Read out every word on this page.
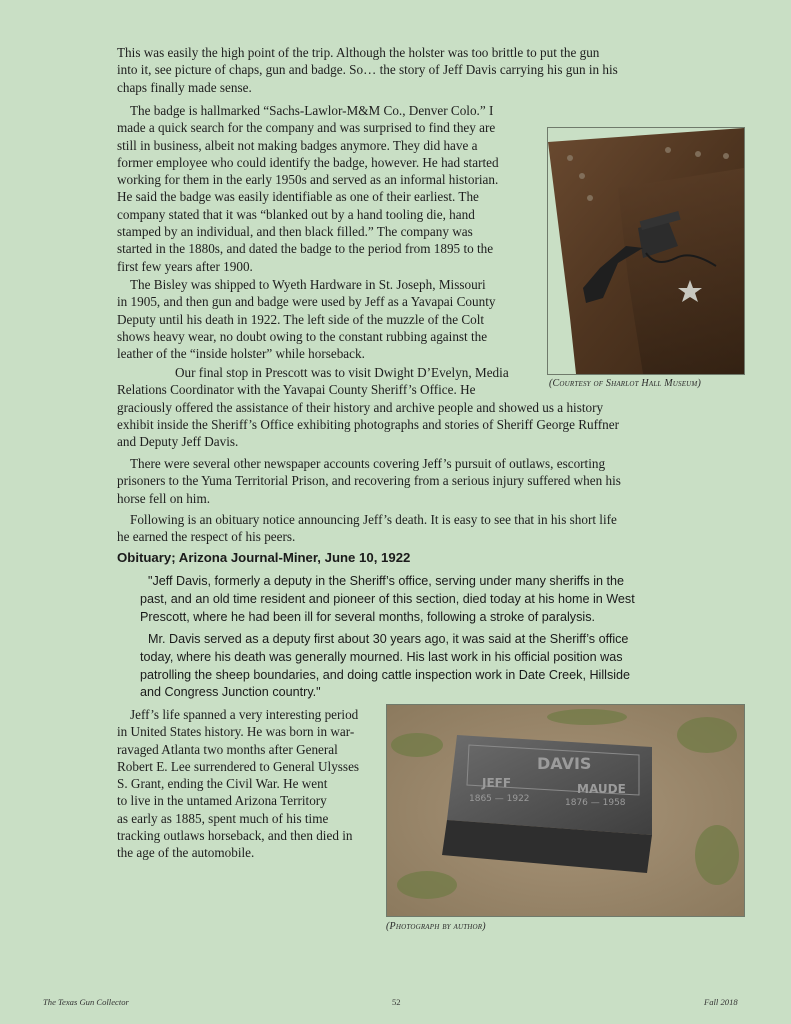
This was easily the high point of the trip. Although the holster was too brittle to put the gun
into it, see picture of chaps, gun and badge. So… the story of Jeff Davis carrying his gun in his
chaps finally made sense.
The badge is hallmarked “Sachs-Lawlor-M&M Co., Denver Colo.” I
made a quick search for the company and was surprised to find they are
still in business, albeit not making badges anymore. They did have a
former employee who could identify the badge, however. He had started
working for them in the early 1950s and served as an informal historian.
He said the badge was easily identifiable as one of their earliest. The
company stated that it was “blanked out by a hand tooling die, hand
stamped by an individual, and then black filled.” The company was
started in the 1880s, and dated the badge to the period from 1895 to the
first few years after 1900.
The Bisley was shipped to Wyeth Hardware in St. Joseph, Missouri
in 1905, and then gun and badge were used by Jeff as a Yavapai County
Deputy until his death in 1922. The left side of the muzzle of the Colt
shows heavy wear, no doubt owing to the constant rubbing against the
leather of the “inside holster” while horseback.
Our final stop in Prescott was to visit Dwight D’Evelyn, Media
Relations Coordinator with the Yavapai County Sheriff’s Office. He
graciously offered the assistance of their history and archive people and showed us a history
exhibit inside the Sheriff’s Office exhibiting photographs and stories of Sheriff George Ruffner
and Deputy Jeff Davis.
There were several other newspaper accounts covering Jeff’s pursuit of outlaws, escorting
prisoners to the Yuma Territorial Prison, and recovering from a serious injury suffered when his
horse fell on him.
Following is an obituary notice announcing Jeff’s death. It is easy to see that in his short life
he earned the respect of his peers.
Obituary; Arizona Journal-Miner, June 10, 1922
"Jeff Davis, formerly a deputy in the Sheriff’s office, serving under many sheriffs in the
past, and an old time resident and pioneer of this section, died today at his home in West
Prescott, where he had been ill for several months, following a stroke of paralysis.
Mr. Davis served as a deputy first about 30 years ago, it was said at the Sheriff’s office
today, where his death was generally mourned. His last work in his official position was
patrolling the sheep boundaries, and doing cattle inspection work in Date Creek, Hillside
and Congress Junction country."
Jeff’s life spanned a very interesting period
in United States history. He was born in war-
ravaged Atlanta two months after General
Robert E. Lee surrendered to General Ulysses
S. Grant, ending the Civil War. He went
to live in the untamed Arizona Territory
as early as 1885, spent much of his time
tracking outlaws horseback, and then died in
the age of the automobile.
(Courtesy of Sharlot Hall Museum)
DAVIS
JEFF	MAUDE
1865 — 1922	1876 — 1958
(Photograph by author)
The Texas Gun Collector	52	Fall 2018
